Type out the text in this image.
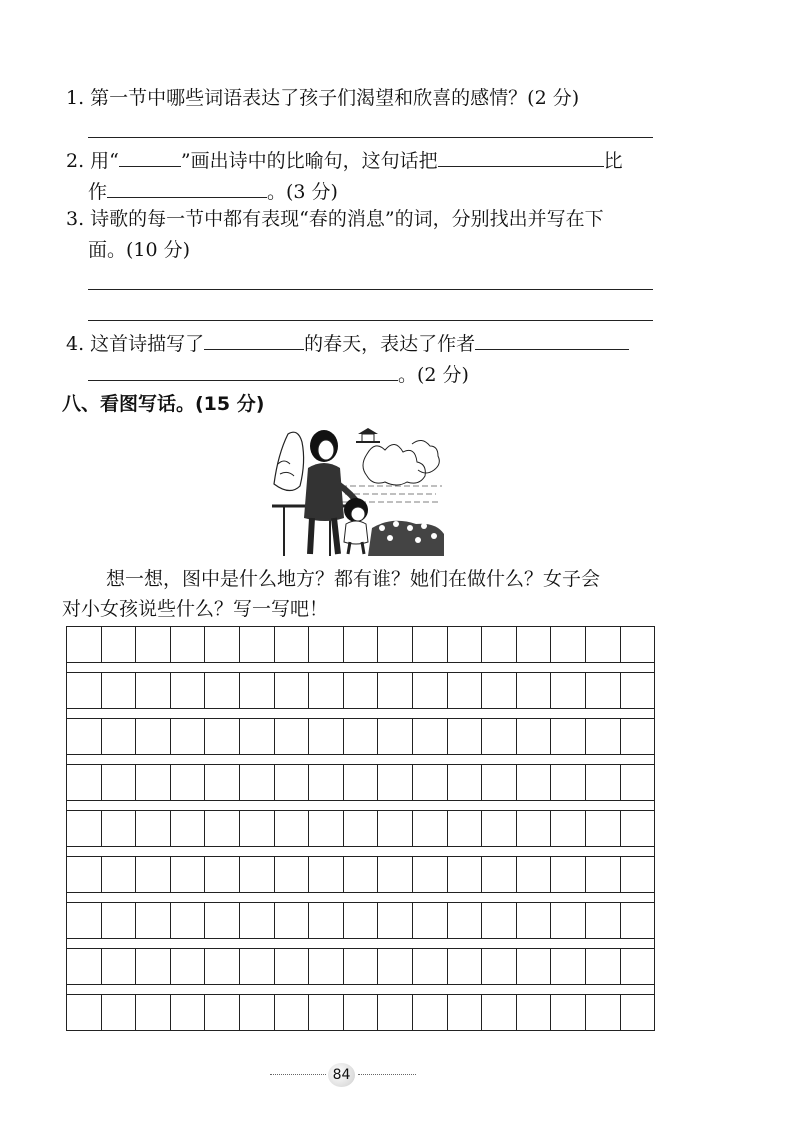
1. 第一节中哪些词语表达了孩子们渴望和欣喜的感情？(2 分)
2. 用“	”画出诗中的比喻句，这句话把	比
作	。(3 分)
3. 诗歌的每一节中都有表现“春的消息”的词，分别找出并写在下
面。(10 分)
4. 这首诗描写了	的春天，表达了作者
。(2 分)
八、看图写话。(15 分)
想一想，图中是什么地方？都有谁？她们在做什么？女子会
对小女孩说些什么？写一写吧！
84
